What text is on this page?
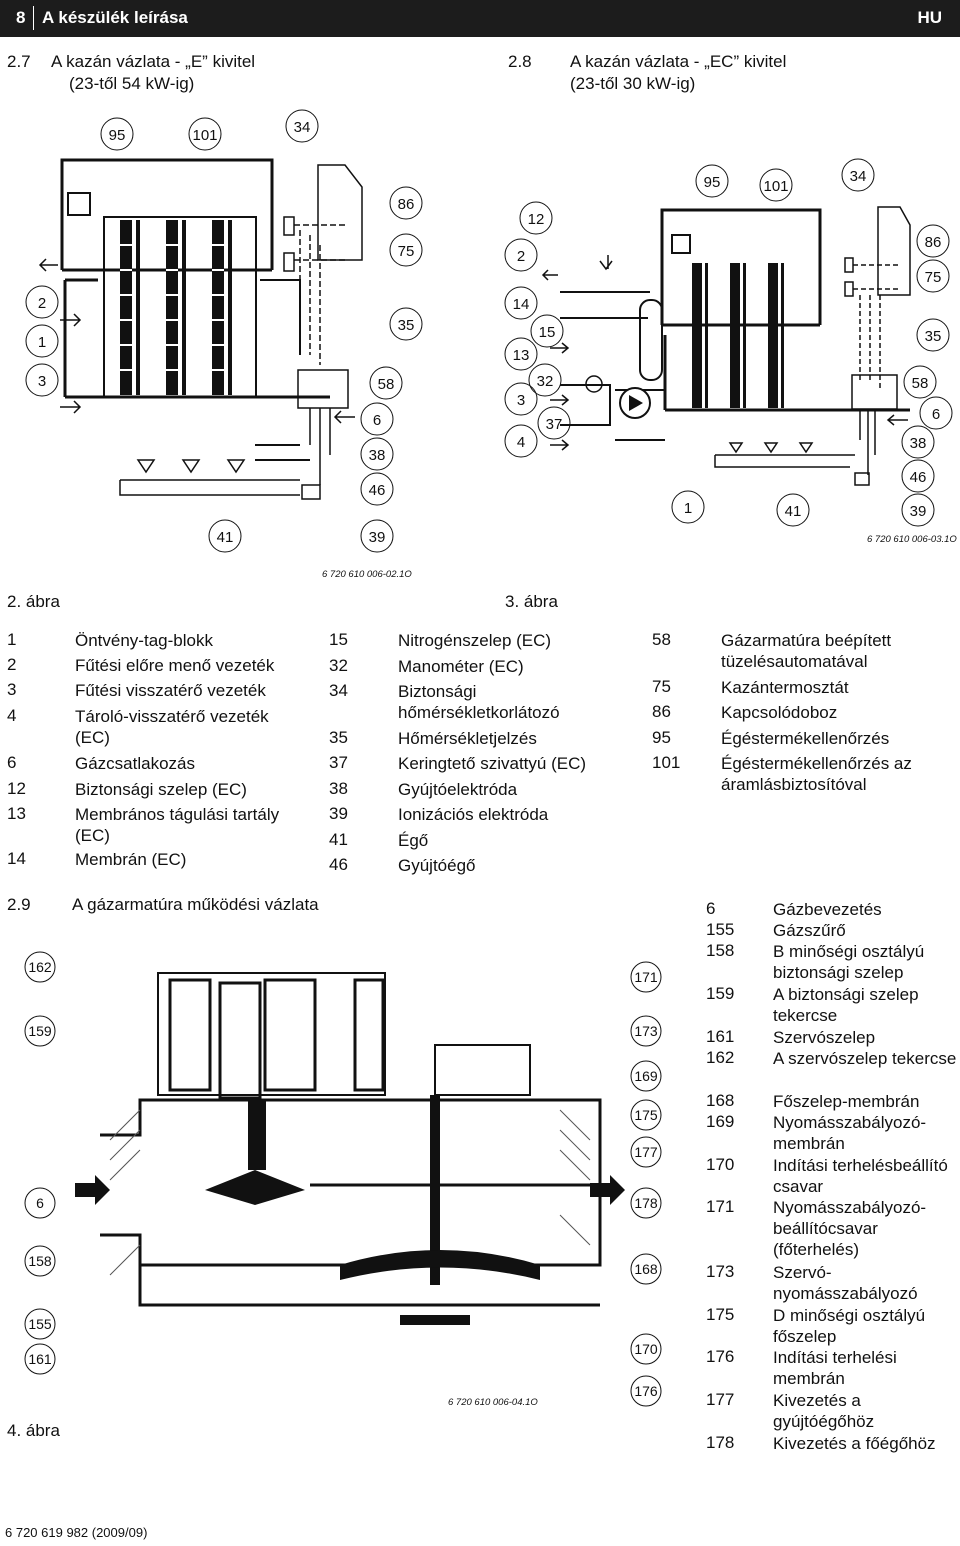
8 A készülék leírása	HU
2.7 A kazán vázlata - „E” kivitel
(23-től 54 kW-ig)
2.8 A kazán vázlata - „EC” kivitel
(23-től 30 kW-ig)
95	101	34
86
75
35
58
6
38
46
39
41
2
1
3
6 720 610 006-02.1O
2. ábra
95	101
34
86
75
35
58
6
38
46
39
41
1
12
2
14
15
13
3
32
37
4
6 720 610 006-03.1O
3. ábra
1	Öntvény-tag-blokk
2	Fűtési előre menő vezeték
3	Fűtési visszatérő vezeték
4	Tároló-visszatérő vezeték (EC)
6	Gázcsatlakozás
12	Biztonsági szelep (EC)
13	Membrános tágulási tartály (EC)
14	Membrán (EC)
15	Nitrogénszelep (EC)
32	Manométer (EC)
34	Biztonsági hőmérsékletkorlátozó
35	Hőmérsékletjelzés
37	Keringtető szivattyú (EC)
38	Gyújtóelektróda
39	Ionizációs elektróda
41	Égő
46	Gyújtóégő
58	Gázarmatúra beépített tüzelésautomatával
75	Kazántermosztát
86	Kapcsolódoboz
95	Égéstermékellenőrzés
101 Égéstermékellenőrzés az áramlásbiztosítóval
2.9 A gázarmatúra működési vázlata
162
159
6
158
155
161
171
173
169
175
177
178
168
170
176
6 720 610 006-04.1O
4. ábra
6	Gázbevezetés
155 Gázszűrő
158 B minőségi osztályú biztonsági szelep
159 A biztonsági szelep tekercse
161 Szervószelep
162 A szervószelep tekercse
168 Főszelep-membrán
169 Nyomásszabályozó-membrán
170 Indítási terhelésbeállító csavar
171 Nyomásszabályozó-beállítócsavar (főterhelés)
173 Szervó-nyomásszabályozó
175 D minőségi osztályú főszelep
176 Indítási terhelési membrán
177 Kivezetés a gyújtóégőhöz
178 Kivezetés a főégőhöz
6 720 619 982 (2009/09)
